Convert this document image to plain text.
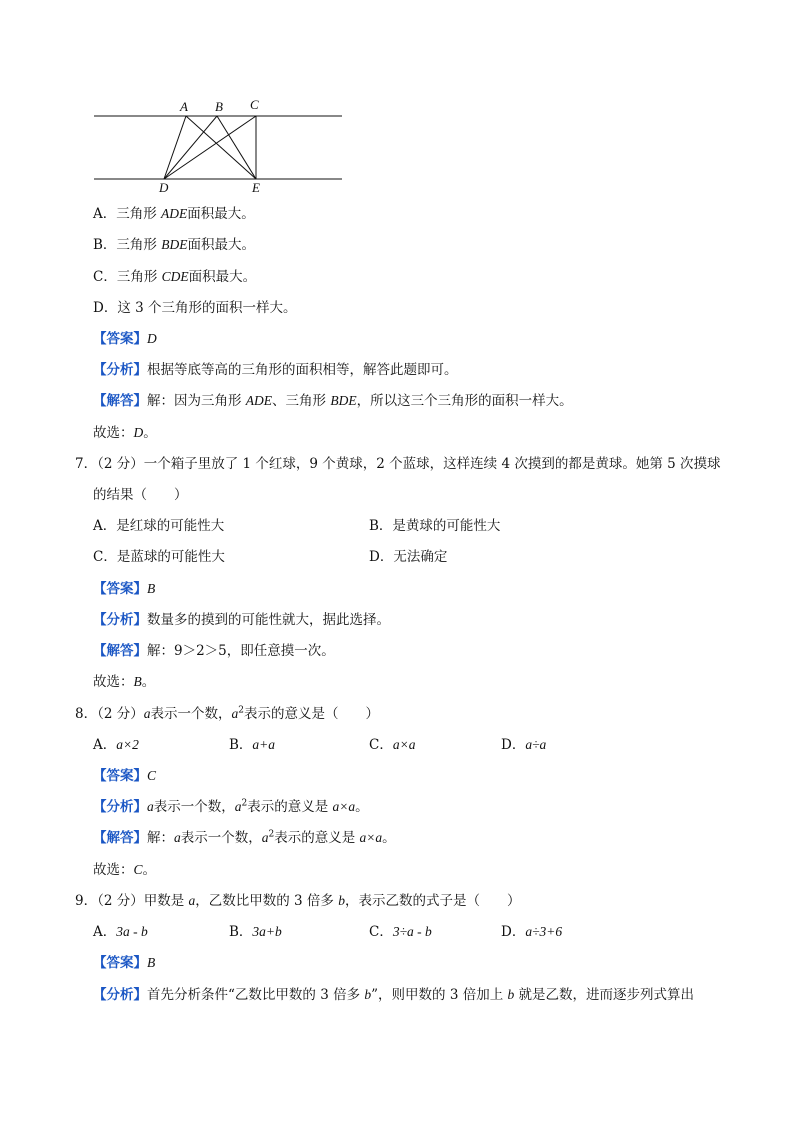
A B C
D	E
A．三角形 ADE面积最大。
B．三角形 BDE面积最大。
C．三角形 CDE面积最大。
D．这 3 个三角形的面积一样大。
【答案】D
【分析】根据等底等高的三角形的面积相等，解答此题即可。
【解答】解：因为三角形 ADE、三角形 BDE，所以这三个三角形的面积一样大。
故选：D。
7．（2 分）一个箱子里放了 1 个红球，9 个黄球，2 个蓝球，这样连续 4 次摸到的都是黄球。她第 5 次摸球
的结果（　　）
A．是红球的可能性大	B．是黄球的可能性大
C．是蓝球的可能性大	D．无法确定
【答案】B
【分析】数量多的摸到的可能性就大，据此选择。
【解答】解：9＞2＞5，即任意摸一次。
故选：B。
8．（2 分）a表示一个数，$a^2$表示的意义是（　　）
A．a×2	B．a+a	C．a×a	D．a÷a
【答案】C
【分析】a表示一个数，$a^2$表示的意义是 a×a。
【解答】解：a表示一个数，$a^2$表示的意义是 a×a。
故选：C。
9．（2 分）甲数是 a，乙数比甲数的 3 倍多 b，表示乙数的式子是（　　）
A．3a - b	B．3a+b	C．3÷a - b	D．a÷3+6
【答案】B
【分析】首先分析条件“乙数比甲数的 3 倍多 b”，则甲数的 3 倍加上 b 就是乙数，进而逐步列式算出
